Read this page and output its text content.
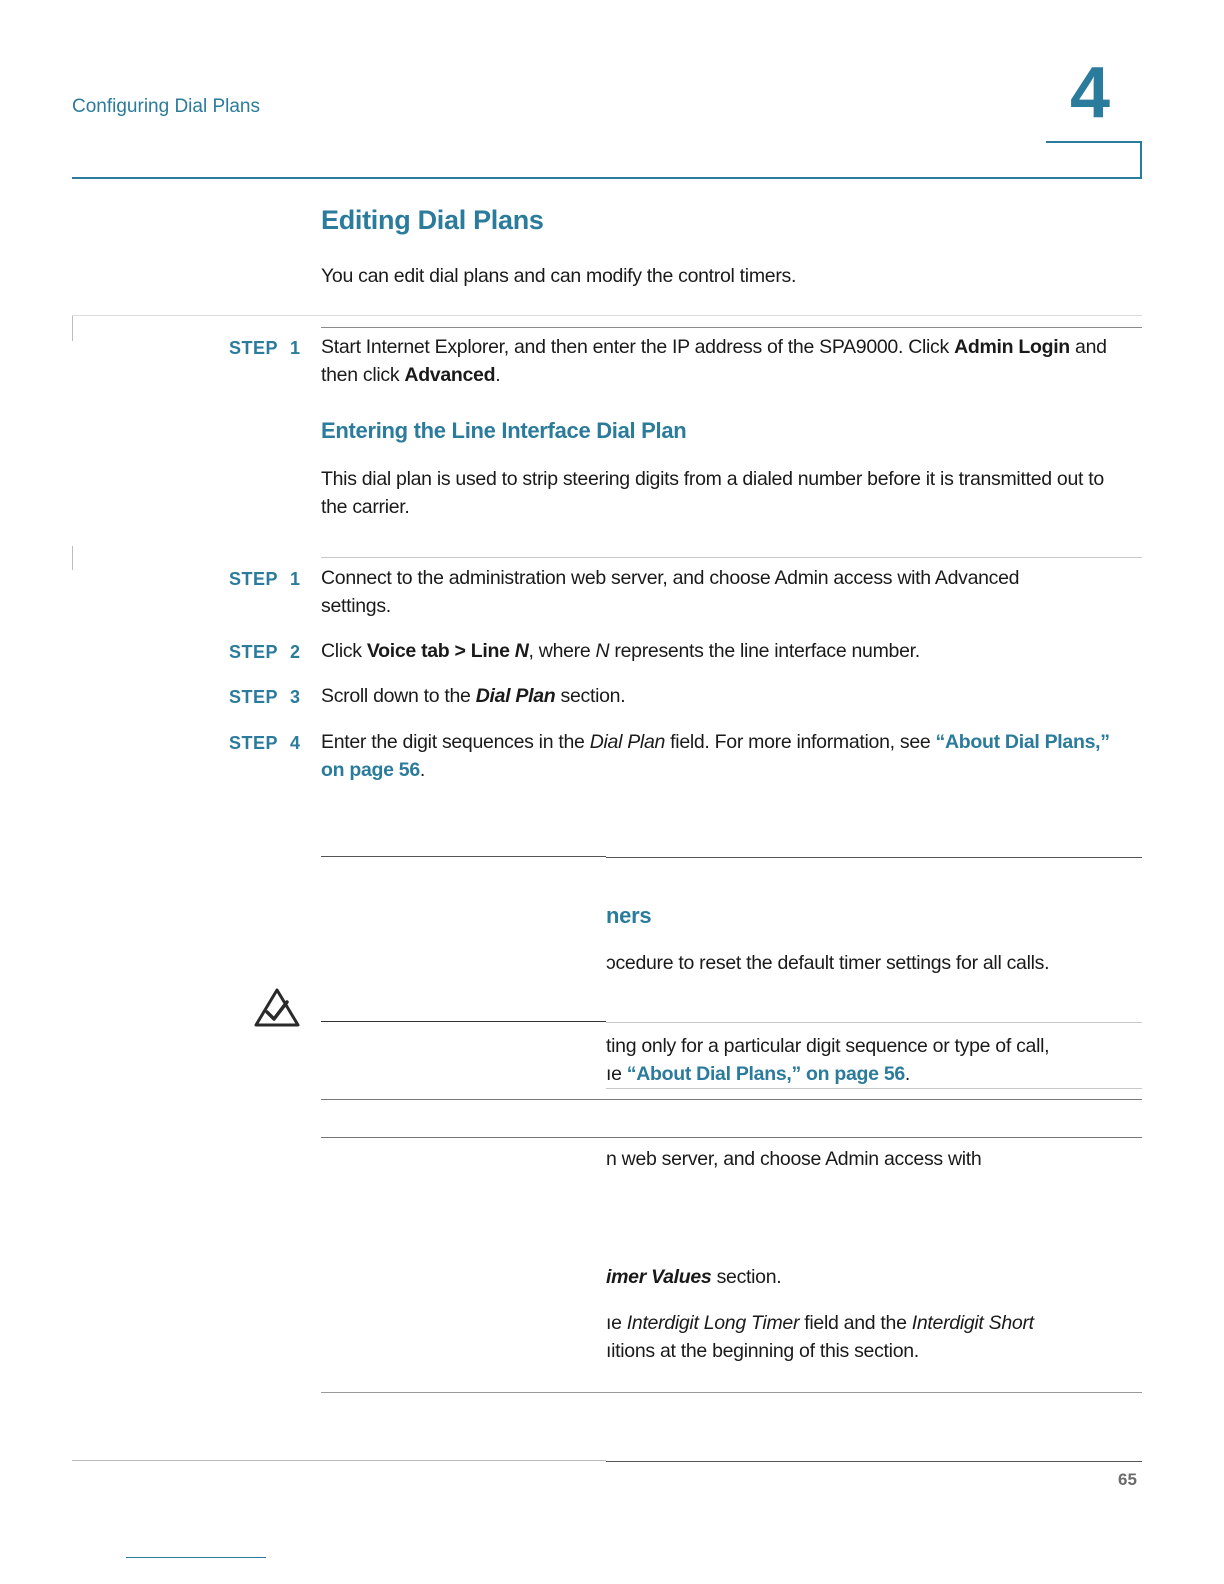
Configuring Dial Plans	4
Editing Dial Plans
You can edit dial plans and can modify the control timers.
STEP 1 Start Internet Explorer, and then enter the IP address of the SPA9000. Click Admin Login and then click Advanced.
Entering the Line Interface Dial Plan
This dial plan is used to strip steering digits from a dialed number before it is transmitted out to the carrier.
STEP 1 Connect to the administration web server, and choose Admin access with Advanced settings.
STEP 2 Click Voice tab > Line N, where N represents the line interface number.
STEP 3 Scroll down to the Dial Plan section.
STEP 4 Enter the digit sequences in the Dial Plan field. For more information, see “About Dial Plans,” on page 56.
ners
ɔcedure to reset the default timer settings for all calls.
ting only for a particular digit sequence or type of call,
ıe “About Dial Plans,” on page 56.
n web server, and choose Admin access with
imer Values section.
ıe Interdigit Long Timer field and the Interdigit Short
ıitions at the beginning of this section.
65
